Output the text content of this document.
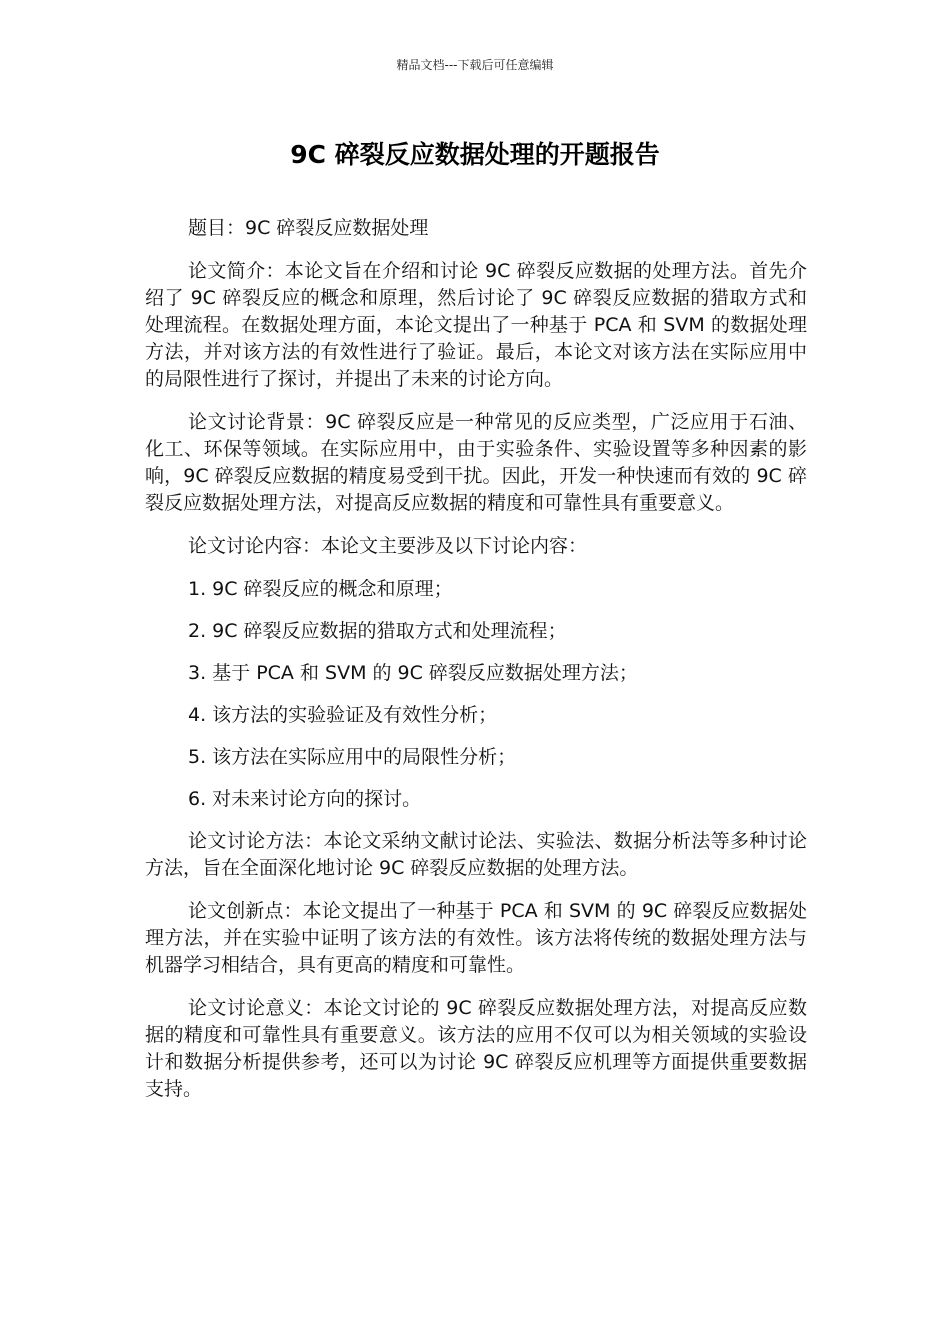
精品文档---下载后可任意编辑
9C 碎裂反应数据处理的开题报告

题目：9C 碎裂反应数据处理

论文简介：本论文旨在介绍和讨论 9C 碎裂反应数据的处理方法。首先介绍了 9C 碎裂反应的概念和原理，然后讨论了 9C 碎裂反应数据的猎取方式和处理流程。在数据处理方面，本论文提出了一种基于 PCA 和 SVM 的数据处理方法，并对该方法的有效性进行了验证。最后，本论文对该方法在实际应用中的局限性进行了探讨，并提出了未来的讨论方向。

论文讨论背景：9C 碎裂反应是一种常见的反应类型，广泛应用于石油、化工、环保等领域。在实际应用中，由于实验条件、实验设置等多种因素的影响，9C 碎裂反应数据的精度易受到干扰。因此，开发一种快速而有效的 9C 碎裂反应数据处理方法，对提高反应数据的精度和可靠性具有重要意义。

论文讨论内容：本论文主要涉及以下讨论内容：

1. 9C 碎裂反应的概念和原理；
2. 9C 碎裂反应数据的猎取方式和处理流程；
3. 基于 PCA 和 SVM 的 9C 碎裂反应数据处理方法；
4. 该方法的实验验证及有效性分析；
5. 该方法在实际应用中的局限性分析；
6. 对未来讨论方向的探讨。

论文讨论方法：本论文采纳文献讨论法、实验法、数据分析法等多种讨论方法，旨在全面深化地讨论 9C 碎裂反应数据的处理方法。

论文创新点：本论文提出了一种基于 PCA 和 SVM 的 9C 碎裂反应数据处理方法，并在实验中证明了该方法的有效性。该方法将传统的数据处理方法与机器学习相结合，具有更高的精度和可靠性。

论文讨论意义：本论文讨论的 9C 碎裂反应数据处理方法，对提高反应数据的精度和可靠性具有重要意义。该方法的应用不仅可以为相关领域的实验设计和数据分析提供参考，还可以为讨论 9C 碎裂反应机理等方面提供重要数据支持。
